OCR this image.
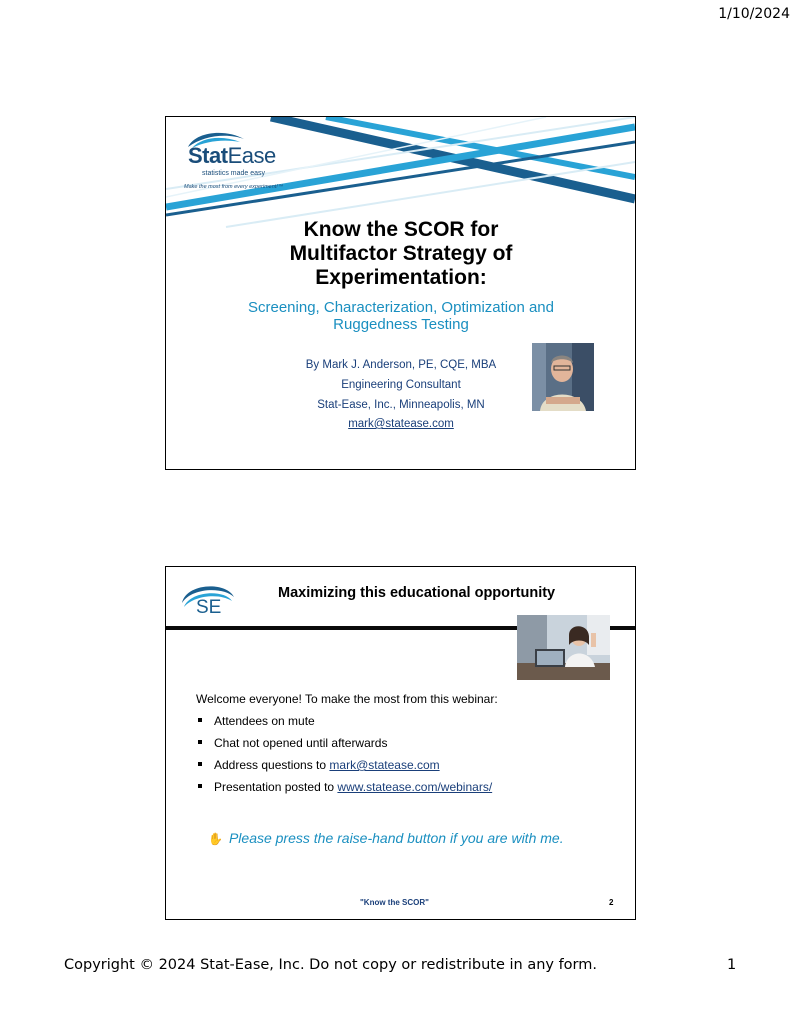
1/10/2024
StatEase
statistics made easy
Make the most from every experiment!™
Know the SCOR for
Multifactor Strategy of
Experimentation:
Screening, Characterization, Optimization and
Ruggedness Testing
By Mark J. Anderson, PE, CQE, MBA
Engineering Consultant
Stat-Ease, Inc., Minneapolis, MN
mark@statease.com
SE
Maximizing this educational opportunity
Welcome everyone! To make the most from this webinar:
Attendees on mute
Chat not opened until afterwards
Address questions to mark@statease.com
Presentation posted to www.statease.com/webinars/
✋ Please press the raise-hand button if you are with me.
"Know the SCOR"	2
Copyright © 2024 Stat-Ease, Inc. Do not copy or redistribute in any form.	1
